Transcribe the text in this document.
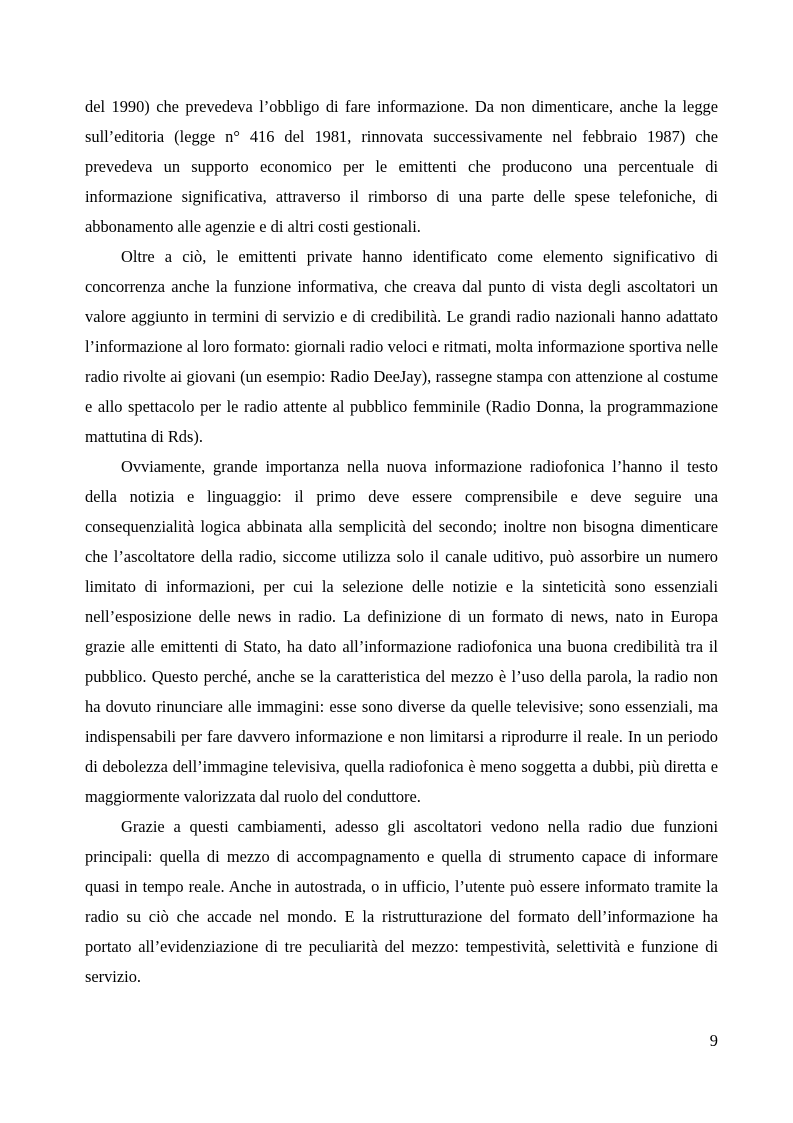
del 1990) che prevedeva l’obbligo di fare informazione. Da non dimenticare, anche la legge sull’editoria (legge n° 416 del 1981, rinnovata successivamente nel febbraio 1987) che prevedeva un supporto economico per le emittenti che producono una percentuale di informazione significativa, attraverso il rimborso di una parte delle spese telefoniche, di abbonamento alle agenzie e di altri costi gestionali.

Oltre a ciò, le emittenti private hanno identificato come elemento significativo di concorrenza anche la funzione informativa, che creava dal punto di vista degli ascoltatori un valore aggiunto in termini di servizio e di credibilità. Le grandi radio nazionali hanno adattato l’informazione al loro formato: giornali radio veloci e ritmati, molta informazione sportiva nelle radio rivolte ai giovani (un esempio: Radio DeeJay), rassegne stampa con attenzione al costume e allo spettacolo per le radio attente al pubblico femminile (Radio Donna, la programmazione mattutina di Rds).

Ovviamente, grande importanza nella nuova informazione radiofonica l’hanno il testo della notizia e linguaggio: il primo deve essere comprensibile e deve seguire una consequenzialità logica abbinata alla semplicità del secondo; inoltre non bisogna dimenticare che l’ascoltatore della radio, siccome utilizza solo il canale uditivo, può assorbire un numero limitato di informazioni, per cui la selezione delle notizie e la sinteticità sono essenziali nell’esposizione delle news in radio. La definizione di un formato di news, nato in Europa grazie alle emittenti di Stato, ha dato all’informazione radiofonica una buona credibilità tra il pubblico. Questo perché, anche se la caratteristica del mezzo è l’uso della parola, la radio non ha dovuto rinunciare alle immagini: esse sono diverse da quelle televisive; sono essenziali, ma indispensabili per fare davvero informazione e non limitarsi a riprodurre il reale. In un periodo di debolezza dell’immagine televisiva, quella radiofonica è meno soggetta a dubbi, più diretta e maggiormente valorizzata dal ruolo del conduttore.

Grazie a questi cambiamenti, adesso gli ascoltatori vedono nella radio due funzioni principali: quella di mezzo di accompagnamento e quella di strumento capace di informare quasi in tempo reale. Anche in autostrada, o in ufficio, l’utente può essere informato tramite la radio su ciò che accade nel mondo. E la ristrutturazione del formato dell’informazione ha portato all’evidenziazione di tre peculiarità del mezzo: tempestività, selettività e funzione di servizio.

9
